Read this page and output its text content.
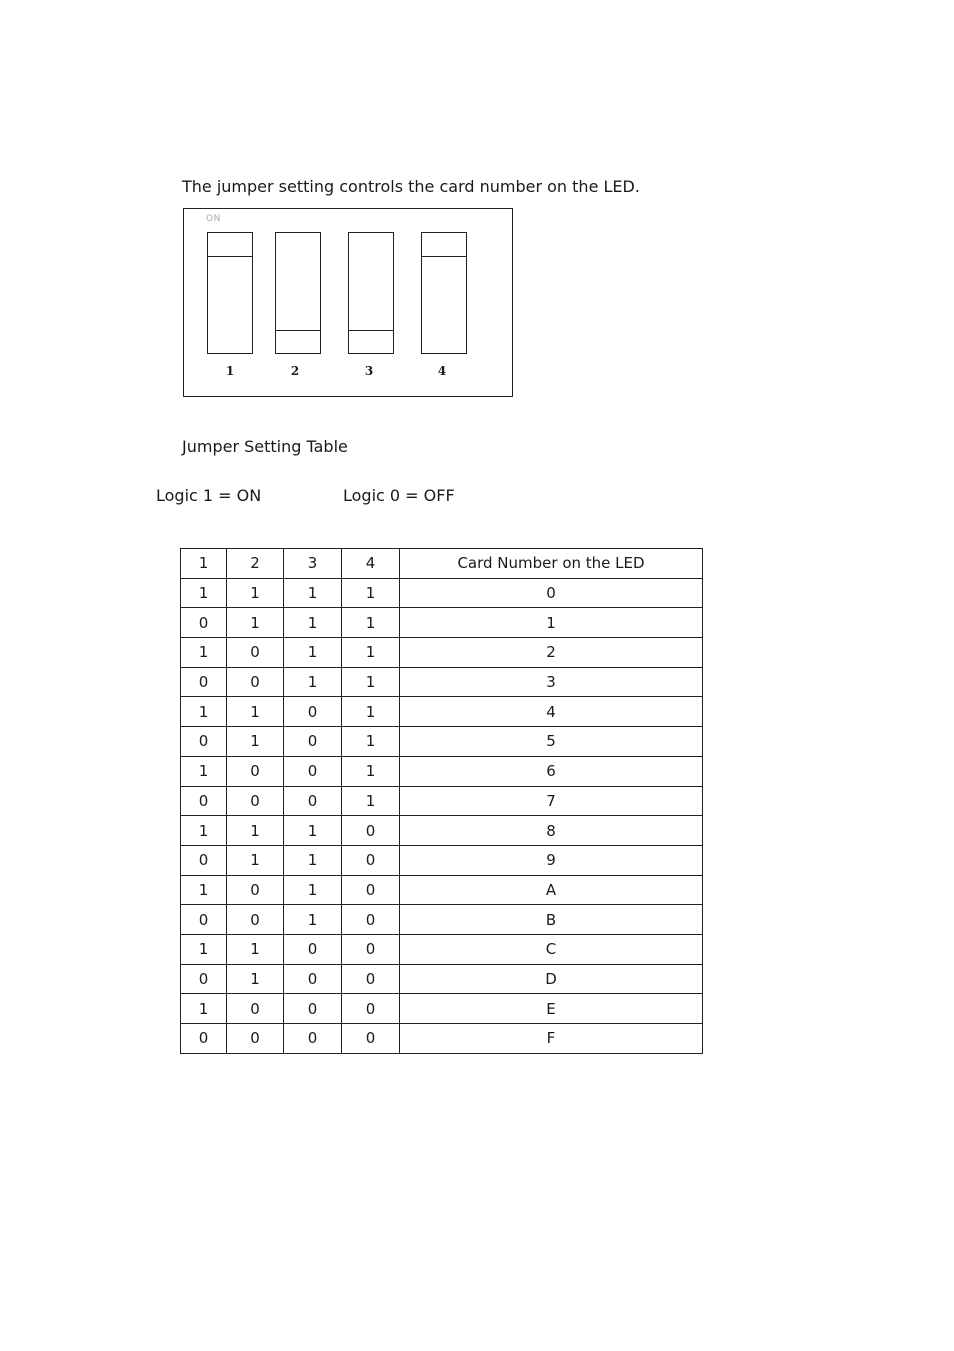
The jumper setting controls the card number on the LED.
ON
1	2	3	4
Jumper Setting Table
Logic 1 = ON	Logic 0 = OFF
1	2	3	4	Card Number on the LED
1	1	1	1	0
0	1	1	1	1
1	0	1	1	2
0	0	1	1	3
1	1	0	1	4
0	1	0	1	5
1	0	0	1	6
0	0	0	1	7
1	1	1	0	8
0	1	1	0	9
1	0	1	0	A
0	0	1	0	B
1	1	0	0	C
0	1	0	0	D
1	0	0	0	E
0	0	0	0	F
